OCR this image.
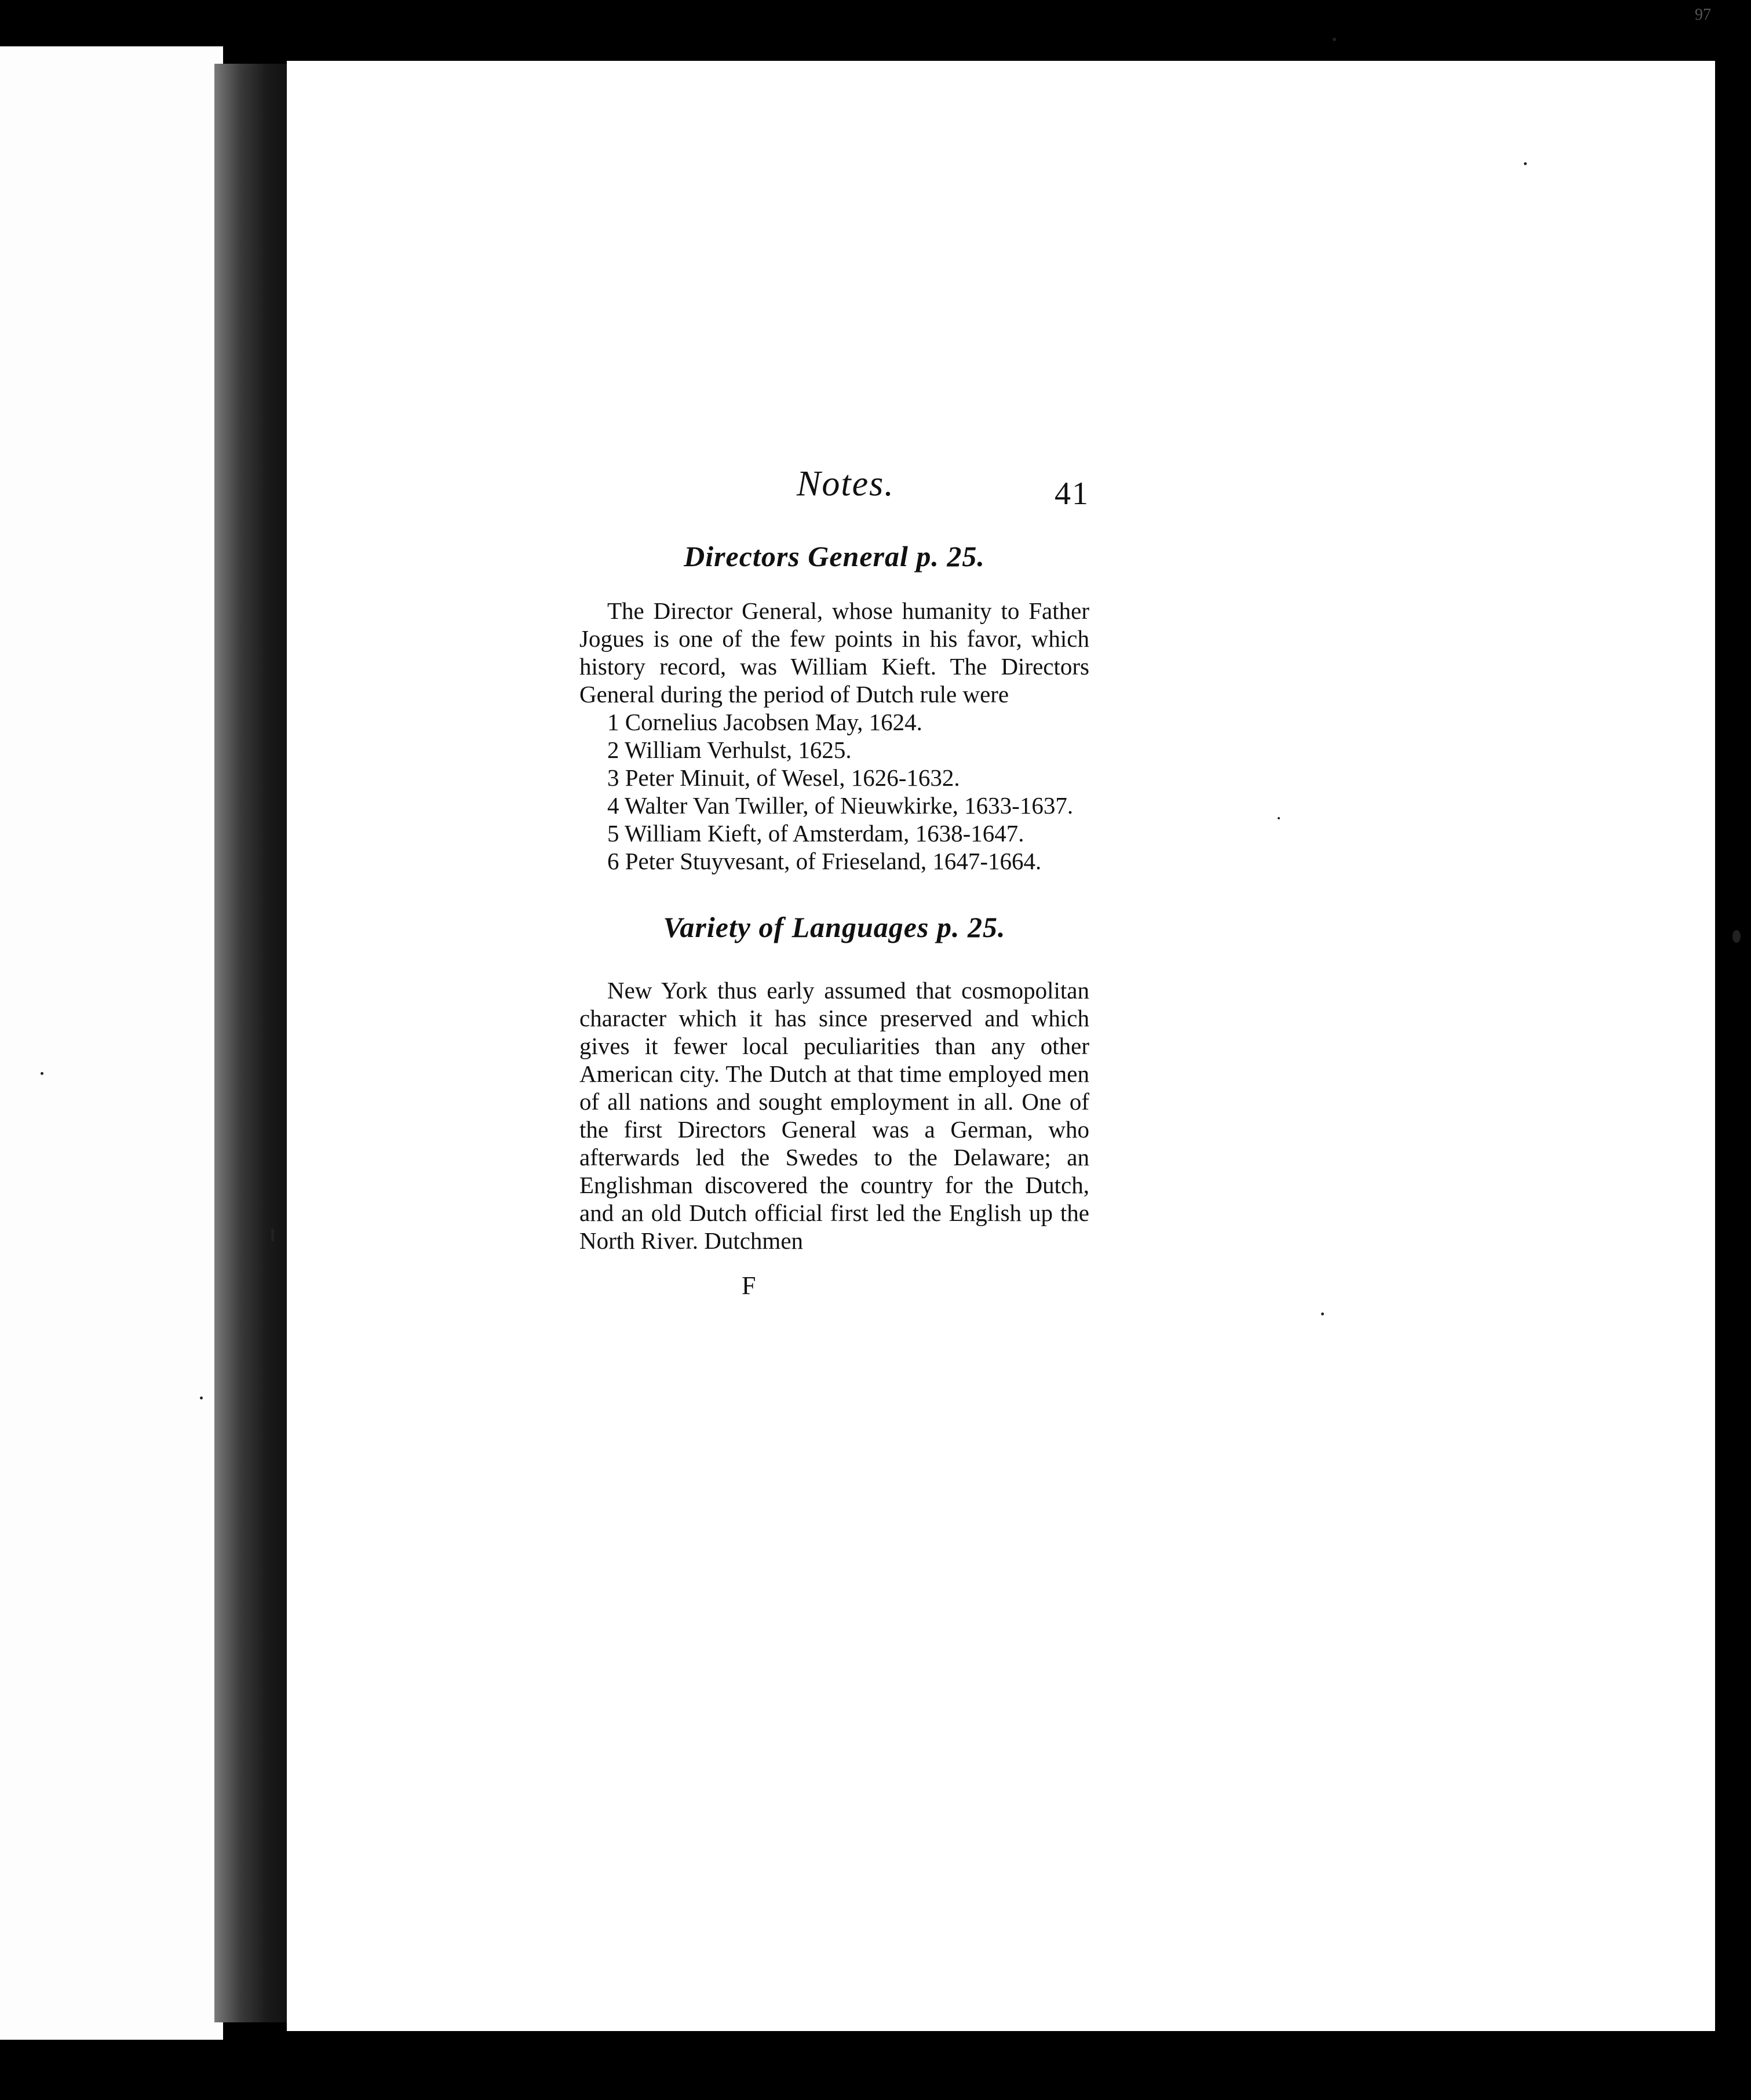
97
Notes.	41
Directors General p. 25.

The Director General, whose humanity to Father Jogues is one of the few points in his favor, which history record, was William Kieft. The Directors General during the period of Dutch rule were

1 Cornelius Jacobsen May, 1624.
2 William Verhulst, 1625.
3 Peter Minuit, of Wesel, 1626-1632.
4 Walter Van Twiller, of Nieuwkirke, 1633-1637.
5 William Kieft, of Amsterdam, 1638-1647.
6 Peter Stuyvesant, of Frieseland, 1647-1664.
Variety of Languages p. 25.

New York thus early assumed that cosmopolitan character which it has since preserved and which gives it fewer local peculiarities than any other American city. The Dutch at that time employed men of all nations and sought employment in all. One of the first Directors General was a German, who afterwards led the Swedes to the Delaware; an Englishman discovered the country for the Dutch, and an old Dutch official first led the English up the North River. Dutchmen

F
